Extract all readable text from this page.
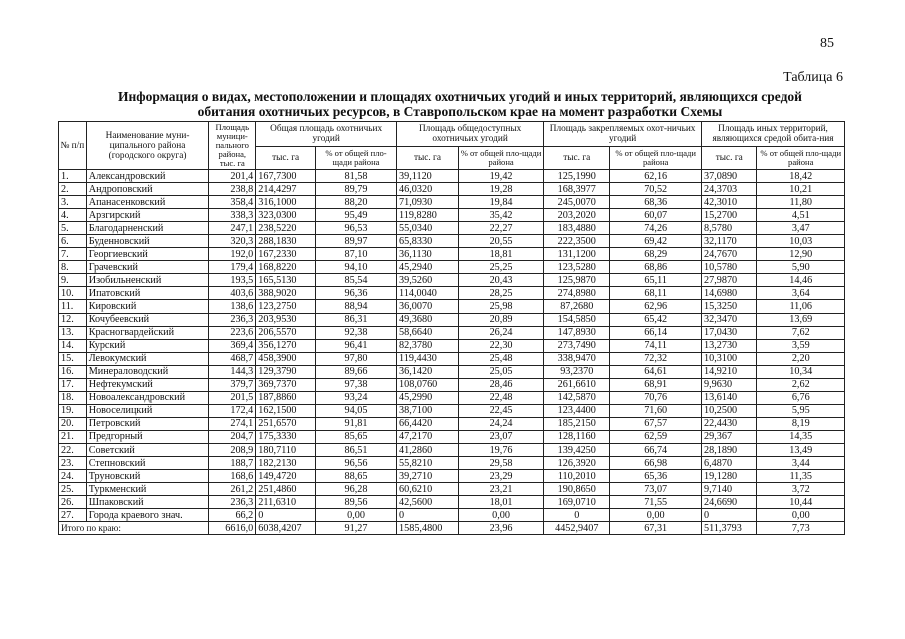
85
Таблица 6
Информация о видах, местоположении и площадях охотничьих угодий и иных территорий, являющихся средой
обитания охотничьих ресурсов, в Ставропольском крае на момент разработки Схемы
№ п/п	Наименование муни-ципального района (городского округа)	Площадь муници-пального района, тыс. га	Общая площадь охотничьих угодий		Площадь общедоступных охотничьих угодий		Площадь закрепляемых охот-ничьих угодий		Площадь иных территорий, являющихся средой обита-ния	
			тыс. га	% от общей пло-щади района	тыс. га	% от общей пло-щади района	тыс. га	% от общей пло-щади района	тыс. га	% от общей пло-щади района
1.	Александровский	201,4	167,7300	81,58	39,1120	19,42	125,1990	62,16	37,0890	18,42
2.	Андроповский	238,8	214,4297	89,79	46,0320	19,28	168,3977	70,52	24,3703	10,21
3.	Апанасенковский	358,4	316,1000	88,20	71,0930	19,84	245,0070	68,36	42,3010	11,80
4.	Арзгирский	338,3	323,0300	95,49	119,8280	35,42	203,2020	60,07	15,2700	4,51
5.	Благодарненский	247,1	238,5220	96,53	55,0340	22,27	183,4880	74,26	8,5780	3,47
6.	Буденновский	320,3	288,1830	89,97	65,8330	20,55	222,3500	69,42	32,1170	10,03
7.	Георгиевский	192,0	167,2330	87,10	36,1130	18,81	131,1200	68,29	24,7670	12,90
8.	Грачевский	179,4	168,8220	94,10	45,2940	25,25	123,5280	68,86	10,5780	5,90
9.	Изобильненский	193,5	165,5130	85,54	39,5260	20,43	125,9870	65,11	27,9870	14,46
10.	Ипатовский	403,6	388,9020	96,36	114,0040	28,25	274,8980	68,11	14,6980	3,64
11.	Кировский	138,6	123,2750	88,94	36,0070	25,98	87,2680	62,96	15,3250	11,06
12.	Кочубеевский	236,3	203,9530	86,31	49,3680	20,89	154,5850	65,42	32,3470	13,69
13.	Красногвардейский	223,6	206,5570	92,38	58,6640	26,24	147,8930	66,14	17,0430	7,62
14.	Курский	369,4	356,1270	96,41	82,3780	22,30	273,7490	74,11	13,2730	3,59
15.	Левокумский	468,7	458,3900	97,80	119,4430	25,48	338,9470	72,32	10,3100	2,20
16.	Минераловодский	144,3	129,3790	89,66	36,1420	25,05	93,2370	64,61	14,9210	10,34
17.	Нефтекумский	379,7	369,7370	97,38	108,0760	28,46	261,6610	68,91	9,9630	2,62
18.	Новоалександровский	201,5	187,8860	93,24	45,2990	22,48	142,5870	70,76	13,6140	6,76
19.	Новоселицкий	172,4	162,1500	94,05	38,7100	22,45	123,4400	71,60	10,2500	5,95
20.	Петровский	274,1	251,6570	91,81	66,4420	24,24	185,2150	67,57	22,4430	8,19
21.	Предгорный	204,7	175,3330	85,65	47,2170	23,07	128,1160	62,59	29,367	14,35
22.	Советский	208,9	180,7110	86,51	41,2860	19,76	139,4250	66,74	28,1890	13,49
23.	Степновский	188,7	182,2130	96,56	55,8210	29,58	126,3920	66,98	6,4870	3,44
24.	Труновский	168,6	149,4720	88,65	39,2710	23,29	110,2010	65,36	19,1280	11,35
25.	Туркменский	261,2	251,4860	96,28	60,6210	23,21	190,8650	73,07	9,7140	3,72
26.	Шпаковский	236,3	211,6310	89,56	42,5600	18,01	169,0710	71,55	24,6690	10,44
27.	Города краевого знач.	66,2	0	0,00	0	0,00	0	0,00	0	0,00
Итого по краю:		6616,0	6038,4207	91,27	1585,4800	23,96	4452,9407	67,31	511,3793	7,73
